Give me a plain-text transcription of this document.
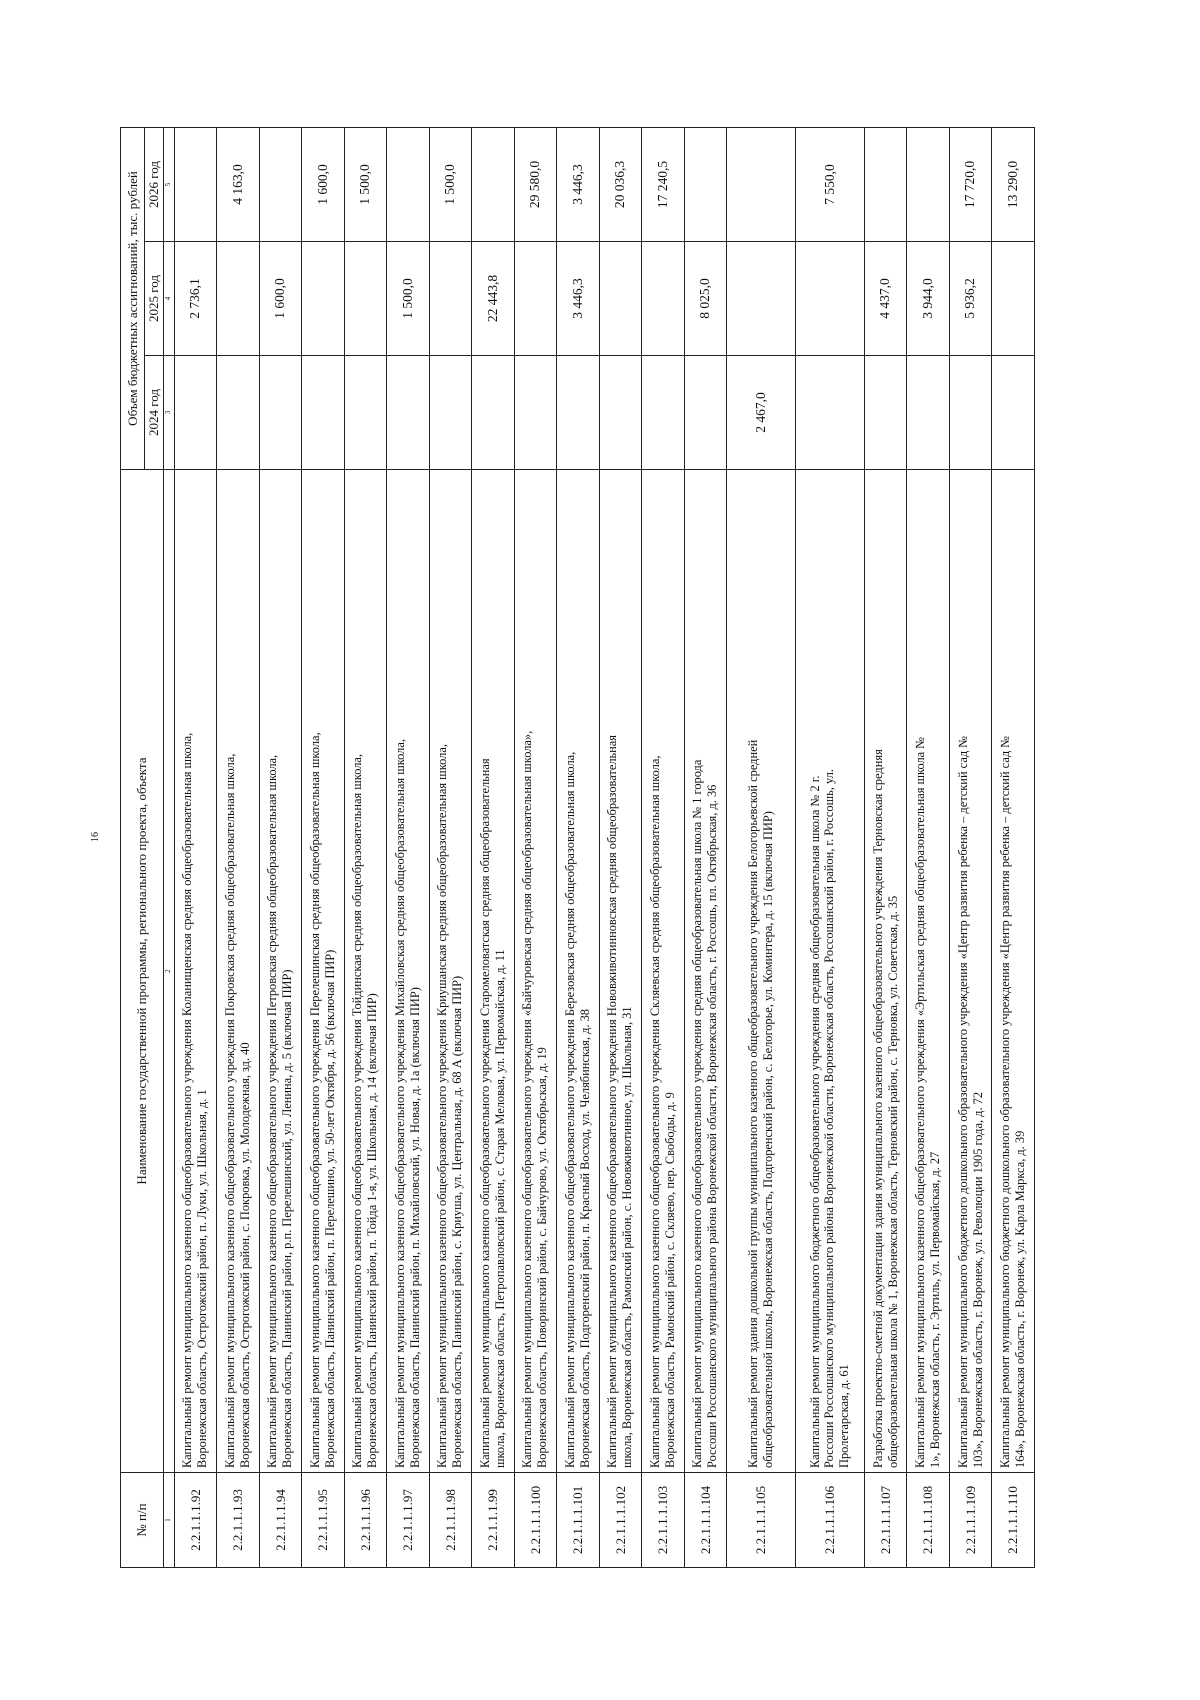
16
№ п/п	Наименование государственной программы, регионального проекта, объекта	Объем бюджетных ассигнований, тыс. рублей		
		2024 год	2025 год	2026 год
1	2	3	4	5
2.2.1.1.1.92	Капитальный ремонт муниципального казенного общеобразовательного учреждения Коланищенская средняя общеобразовательная школа, Воронежская область, Острогожский район, п. Луки, ул. Школьная, д. 1		2 736,1	
2.2.1.1.1.93	Капитальный ремонт муниципального казенного общеобразовательного учреждения Покровская средняя общеобразовательная школа, Воронежская область, Острогожский район, с. Покровка, ул. Молодежная, зд. 40			4 163,0
2.2.1.1.1.94	Капитальный ремонт муниципального казенного общеобразовательного учреждения Петровская средняя общеобразовательная школа, Воронежская область, Панинский район, р.п. Перелешинский, ул. Ленина, д. 5 (включая ПИР)		1 600,0	
2.2.1.1.1.95	Капитальный ремонт муниципального казенного общеобразовательного учреждения Перелешинская средняя общеобразовательная школа, Воронежская область, Панинский район, п. Перелешино, ул. 50-лет Октября, д. 56 (включая ПИР)			1 600,0
2.2.1.1.1.96	Капитальный ремонт муниципального казенного общеобразовательного учреждения Тойдинская средняя общеобразовательная школа, Воронежская область, Панинский район, п. Тойда 1-я, ул. Школьная, д. 14 (включая ПИР)			1 500,0
2.2.1.1.1.97	Капитальный ремонт муниципального казенного общеобразовательного учреждения Михайловская средняя общеобразовательная школа, Воронежская область, Панинский район, п. Михайловский, ул. Новая, д. 1а (включая ПИР)		1 500,0	
2.2.1.1.1.98	Капитальный ремонт муниципального казенного общеобразовательного учреждения Криушанская средняя общеобразовательная школа, Воронежская область, Панинский район, с. Криуша, ул. Центральная, д. 68 А (включая ПИР)			1 500,0
2.2.1.1.1.99	Капитальный ремонт муниципального казенного общеобразовательного учреждения Старомеловатская средняя общеобразовательная школа, Воронежская область, Петропавловский район, с. Старая Меловая, ул. Первомайская, д. 11		22 443,8	
2.2.1.1.1.100	Капитальный ремонт муниципального казенного общеобразовательного учреждения «Байчуровская средняя общеобразовательная школа», Воронежская область, Поворинский район, с. Байчурово, ул. Октябрьская, д. 19			29 580,0
2.2.1.1.1.101	Капитальный ремонт муниципального казенного общеобразовательного учреждения Березовская средняя общеобразовательная школа, Воронежская область, Подгоренский район, п. Красный Восход, ул. Челябинская, д. 38		3 446,3	3 446,3
2.2.1.1.1.102	Капитальный ремонт муниципального казенного общеобразовательного учреждения Нововживотинновская средняя общеобразовательная школа, Воронежская область, Рамонский район, с. Нововживотинное, ул. Школьная, 31			20 036,3
2.2.1.1.1.103	Капитальный ремонт муниципального казенного общеобразовательного учреждения Скляевская средняя общеобразовательная школа, Воронежская область, Рамонский район, с. Скляево, пер. Свободы, д. 9			17 240,5
2.2.1.1.1.104	Капитальный ремонт муниципального казенного общеобразовательного учреждения средняя общеобразовательная школа № 1 города Россоши Россошанского муниципального района Воронежской области, Воронежская область, г. Россошь, пл. Октябрьская, д. 36		8 025,0	
2.2.1.1.1.105	Капитальный ремонт здания дошкольной группы муниципального казенного общеобразовательного учреждения Белогорьевской средней общеобразовательной школы, Воронежская область, Подгоренский район, с. Белогорье, ул. Коминтера, д. 15 (включая ПИР)	2 467,0		
2.2.1.1.1.106	Капитальный ремонт муниципального бюджетного общеобразовательного учреждения средняя общеобразовательная школа № 2 г. Россоши Россошанского муниципального района Воронежской области, Воронежская область, Россошанский район, г. Россошь, ул. Пролетарская, д. 61			7 550,0
2.2.1.1.1.107	Разработка проектно-сметной документации здания муниципального казенного общеобразовательного учреждения Терновская средняя общеобразовательная школа № 1, Воронежская область, Терновский район, с. Терновка, ул. Советская, д. 35		4 437,0	
2.2.1.1.1.108	Капитальный ремонт муниципального казенного общеобразовательного учреждения «Эртильская средняя общеобразовательная школа № 1», Воронежская область, г. Эртиль, ул. Первомайская, д. 27		3 944,0	
2.2.1.1.1.109	Капитальный ремонт муниципального бюджетного дошкольного образовательного учреждения «Центр развития ребенка – детский сад № 103», Воронежская область, г. Воронеж, ул. Революции 1905 года, д. 72		5 936,2	17 720,0
2.2.1.1.1.110	Капитальный ремонт муниципального бюджетного дошкольного образовательного учреждения «Центр развития ребенка – детский сад № 164», Воронежская область, г. Воронеж, ул. Карла Маркса, д. 39			13 290,0
